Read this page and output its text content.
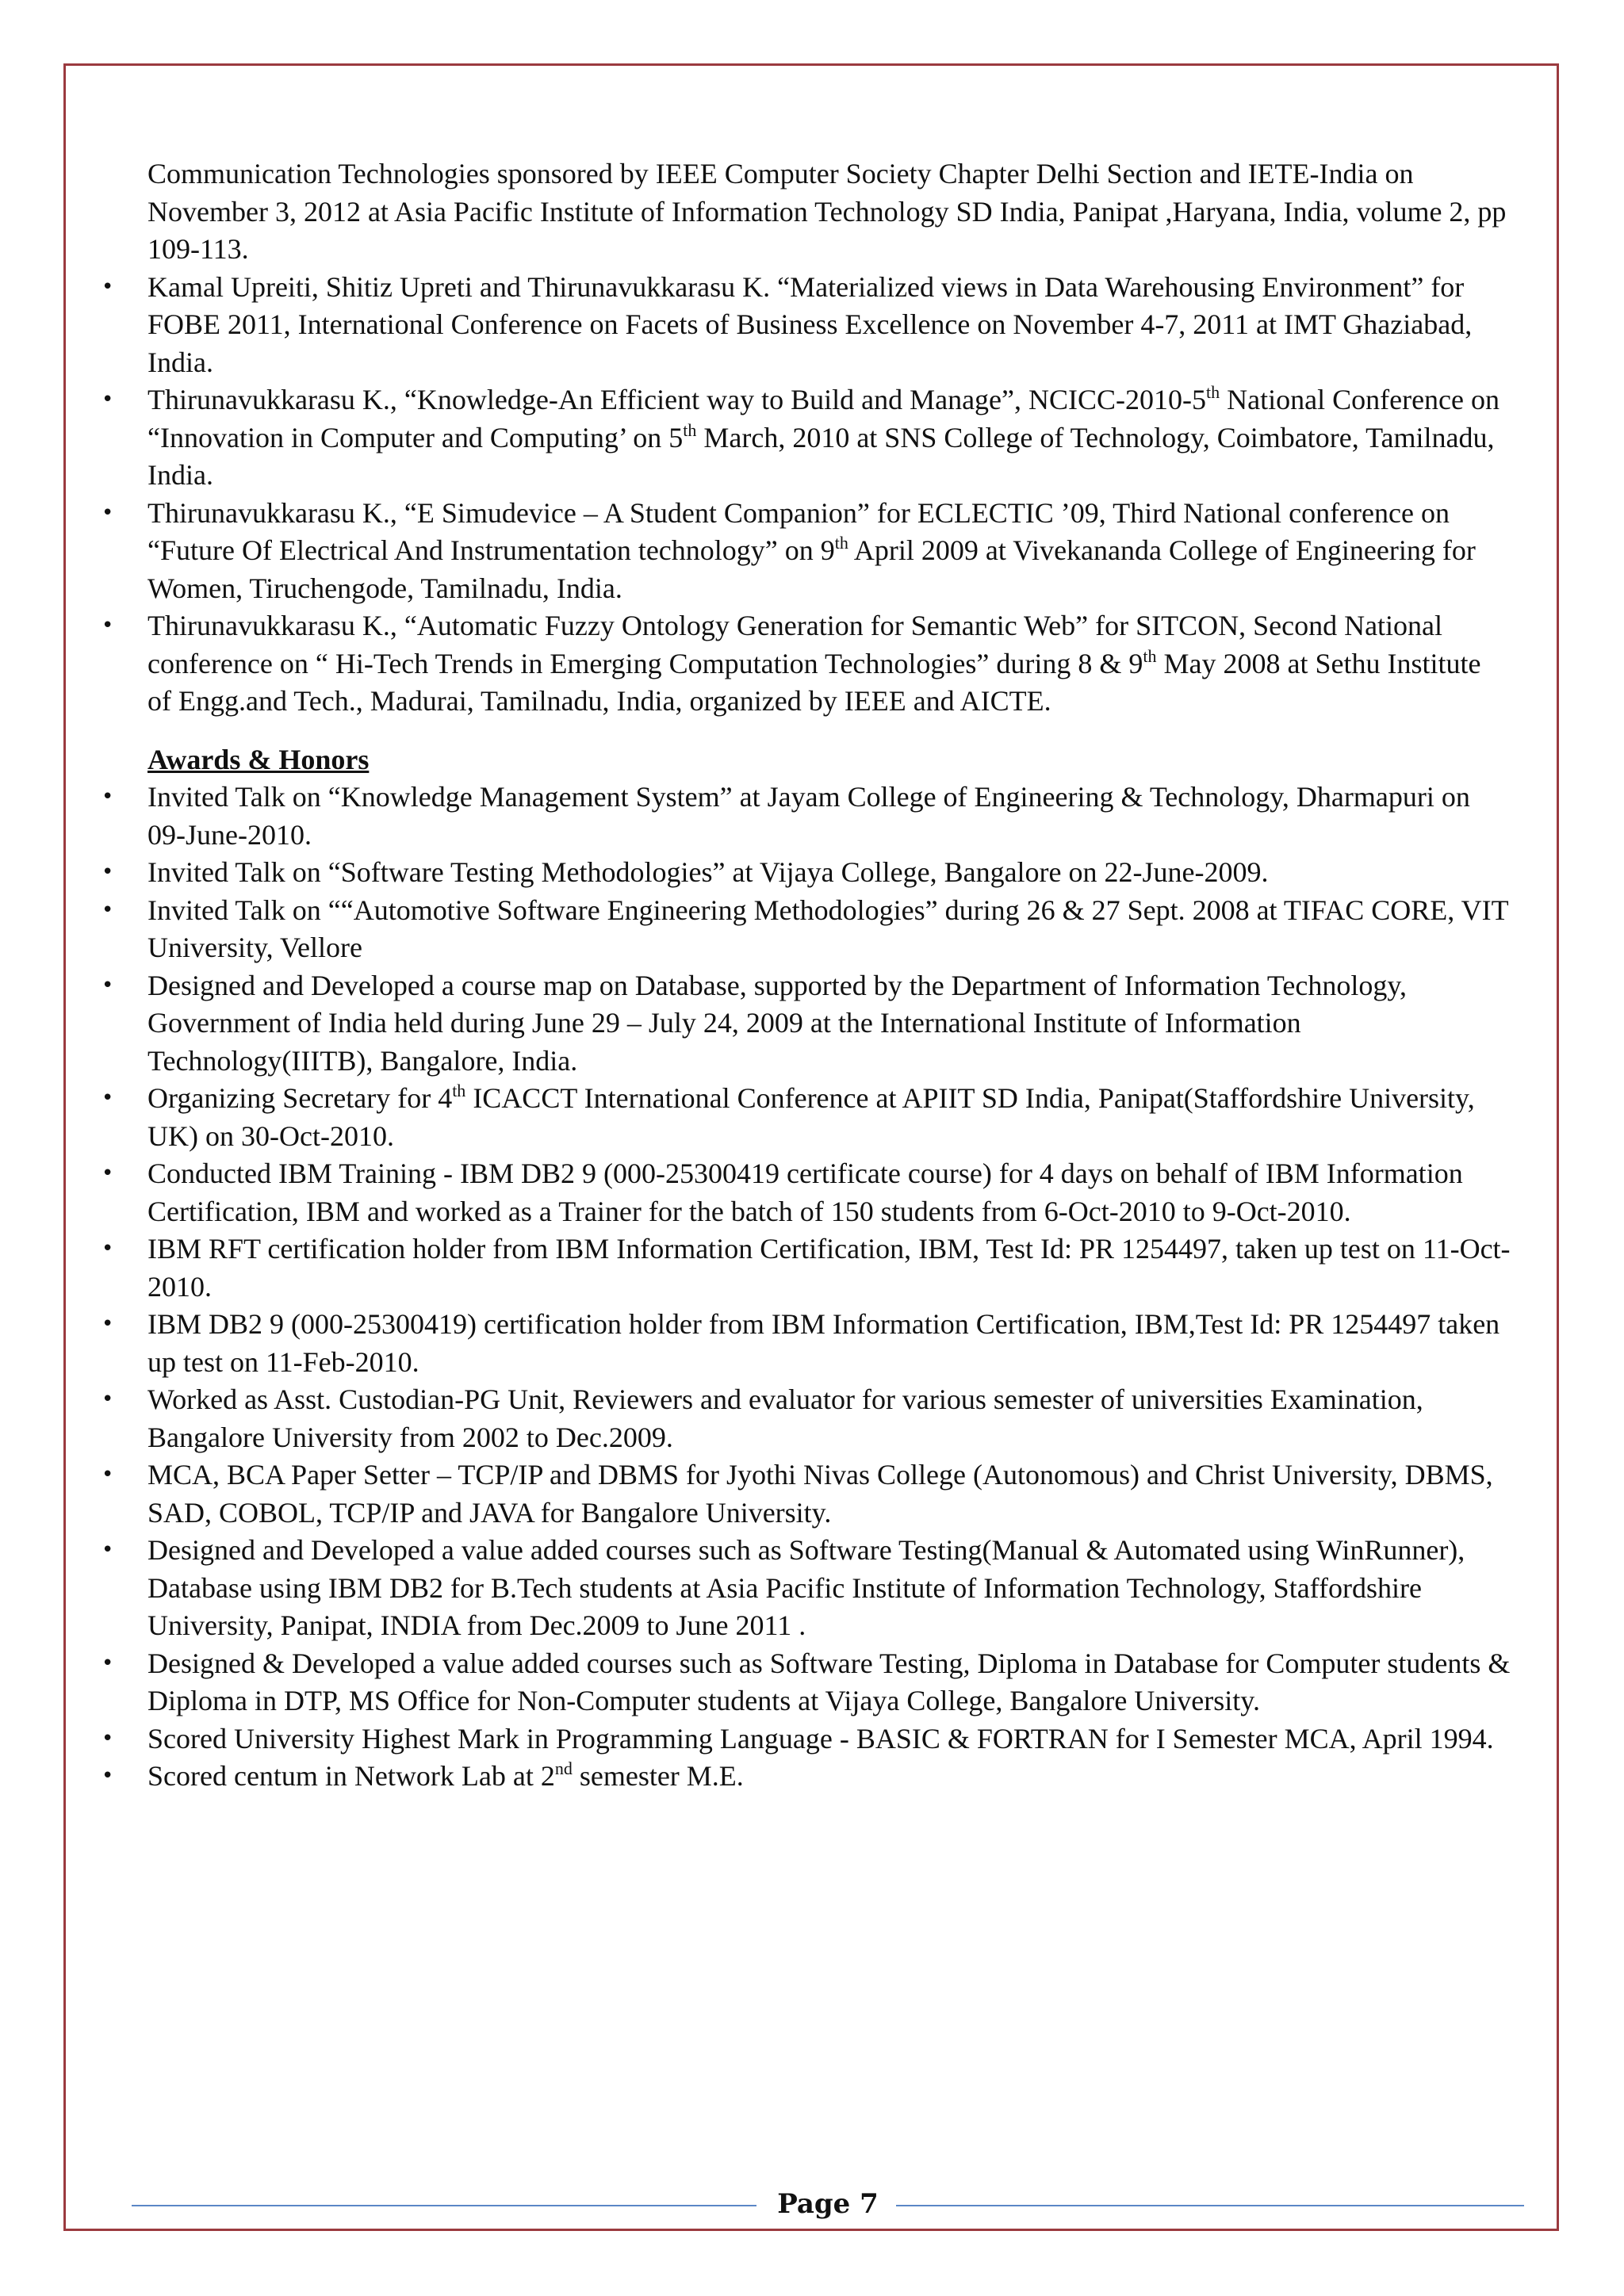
Communication Technologies sponsored by IEEE Computer Society Chapter Delhi Section and IETE-India on November 3, 2012 at Asia Pacific Institute of Information Technology SD India, Panipat ,Haryana, India, volume 2, pp 109-113.

• Kamal Upreiti, Shitiz Upreti and Thirunavukkarasu K. “Materialized views in Data Warehousing Environment” for FOBE 2011, International Conference on Facets of Business Excellence on November 4-7, 2011 at IMT Ghaziabad, India.
• Thirunavukkarasu K., “Knowledge-An Efficient way to Build and Manage”, NCICC-2010-5th National Conference on “Innovation in Computer and Computing’ on 5th March, 2010 at SNS College of Technology, Coimbatore, Tamilnadu, India.
• Thirunavukkarasu K., “E Simudevice – A Student Companion” for ECLECTIC ’09, Third National conference on “Future Of Electrical And Instrumentation technology” on 9th April 2009 at Vivekananda College of Engineering for Women, Tiruchengode, Tamilnadu, India.
• Thirunavukkarasu K., “Automatic Fuzzy Ontology Generation for Semantic Web” for SITCON, Second National conference on “ Hi-Tech Trends in Emerging Computation Technologies” during 8 & 9th May 2008 at Sethu Institute of Engg.and Tech., Madurai, Tamilnadu, India, organized by IEEE and AICTE.

Awards & Honors

• Invited Talk on “Knowledge Management System” at Jayam College of Engineering & Technology, Dharmapuri on 09-June-2010.
• Invited Talk on “Software Testing Methodologies” at Vijaya College, Bangalore on 22-June-2009.
• Invited Talk on ““Automotive Software Engineering Methodologies” during 26 & 27 Sept. 2008 at TIFAC CORE, VIT University, Vellore
• Designed and Developed a course map on Database, supported by the Department of Information Technology, Government of India held during June 29 – July 24, 2009 at the International Institute of Information Technology(IIITB), Bangalore, India.
• Organizing Secretary for 4th ICACCT International Conference at APIIT SD India, Panipat(Staffordshire University, UK) on 30-Oct-2010.
• Conducted IBM Training - IBM DB2 9 (000-25300419 certificate course) for 4 days on behalf of IBM Information Certification, IBM and worked as a Trainer for the batch of 150 students from 6-Oct-2010 to 9-Oct-2010.
• IBM RFT certification holder from IBM Information Certification, IBM, Test Id: PR 1254497, taken up test on 11-Oct-2010.
• IBM DB2 9 (000-25300419) certification holder from IBM Information Certification, IBM,Test Id: PR 1254497 taken up test on 11-Feb-2010.
• Worked as Asst. Custodian-PG Unit, Reviewers and evaluator for various semester of universities Examination, Bangalore University from 2002 to Dec.2009.
• MCA, BCA Paper Setter – TCP/IP and DBMS for Jyothi Nivas College (Autonomous) and Christ University, DBMS, SAD, COBOL, TCP/IP and JAVA for Bangalore University.
• Designed and Developed a value added courses such as Software Testing(Manual & Automated using WinRunner), Database using IBM DB2 for B.Tech students at Asia Pacific Institute of Information Technology, Staffordshire University, Panipat, INDIA from Dec.2009 to June 2011 .
• Designed & Developed a value added courses such as Software Testing, Diploma in Database for Computer students & Diploma in DTP, MS Office for Non-Computer students at Vijaya College, Bangalore University.
• Scored University Highest Mark in Programming Language - BASIC & FORTRAN for I Semester MCA, April 1994.
• Scored centum in Network Lab at 2nd semester M.E.
Page 7
